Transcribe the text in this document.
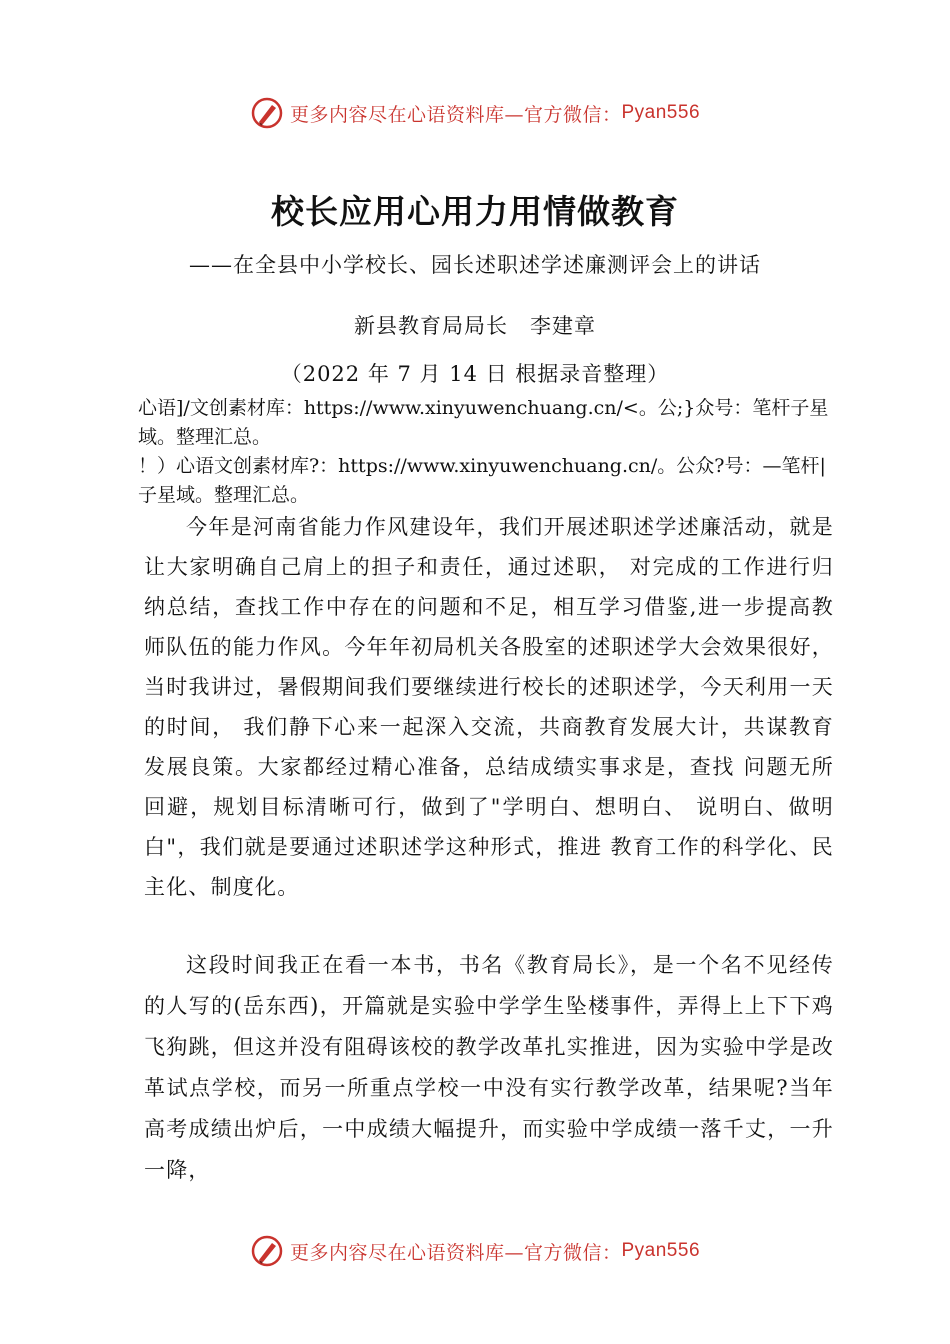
更多内容尽在心语资料库—官方微信： Pyan556
校长应用心用力用情做教育
——在全县中小学校长、园长述职述学述廉测评会上的讲话
新县教育局局长　李建章
（2022 年 7 月 14 日 根据录音整理）
心语]/文创素材库：https://www.xinyuwenchuang.cn/<。公;}众号：笔杆子星域。整理汇总。
！）心语文创素材库?：https://www.xinyuwenchuang.cn/。公众?号：—笔杆|子星域。整理汇总。
今年是河南省能力作风建设年，我们开展述职述学述廉活动，就是让大家明确自己肩上的担子和责任，通过述职， 对完成的工作进行归纳总结，查找工作中存在的问题和不足，相互学习借鉴,进一步提高教师队伍的能力作风。今年年初局机关各股室的述职述学大会效果很好，当时我讲过，暑假期间我们要继续进行校长的述职述学，今天利用一天的时间， 我们静下心来一起深入交流，共商教育发展大计，共谋教育 发展良策。大家都经过精心准备，总结成绩实事求是，查找 问题无所回避，规划目标清晰可行，做到了"学明白、想明白、 说明白、做明白"，我们就是要通过述职述学这种形式，推进 教育工作的科学化、民主化、制度化。
这段时间我正在看一本书，书名《教育局长》，是一个名不见经传的人写的(岳东西)，开篇就是实验中学学生坠楼事件，弄得上上下下鸡飞狗跳，但这并没有阻碍该校的教学改革扎实推进，因为实验中学是改革试点学校，而另一所重点学校一中没有实行教学改革，结果呢?当年高考成绩出炉后，一中成绩大幅提升，而实验中学成绩一落千丈，一升一降，
更多内容尽在心语资料库—官方微信： Pyan556
